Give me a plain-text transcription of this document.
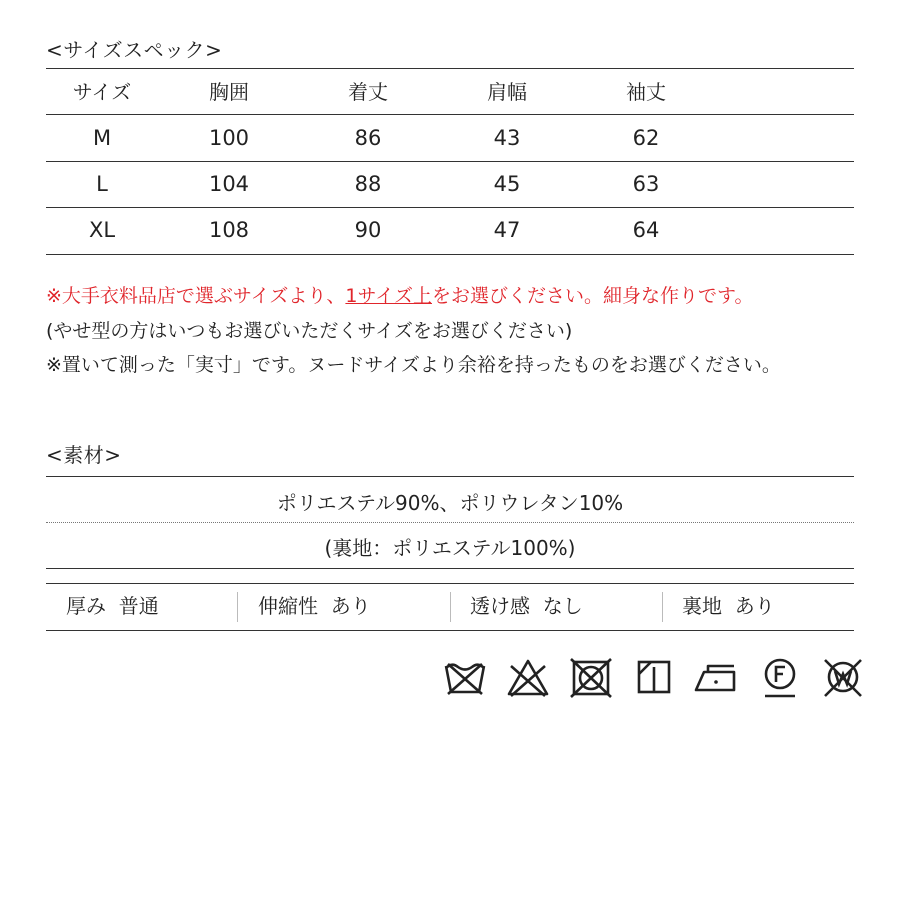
<サイズスペック>
サイズ	胸囲	着丈	肩幅	袖丈
M	100	86	43	62
L	104	88	45	63
XL	108	90	47	64
※大手衣料品店で選ぶサイズより、1サイズ上をお選びください。細身な作りです。
(やせ型の方はいつもお選びいただくサイズをお選びください)
※置いて測った「実寸」です。ヌードサイズより余裕を持ったものをお選びください。
<素材>
ポリエステル90%、ポリウレタン10%
(裏地：ポリエステル100%)
厚み 普通	伸縮性 あり	透け感 なし	裏地 あり
